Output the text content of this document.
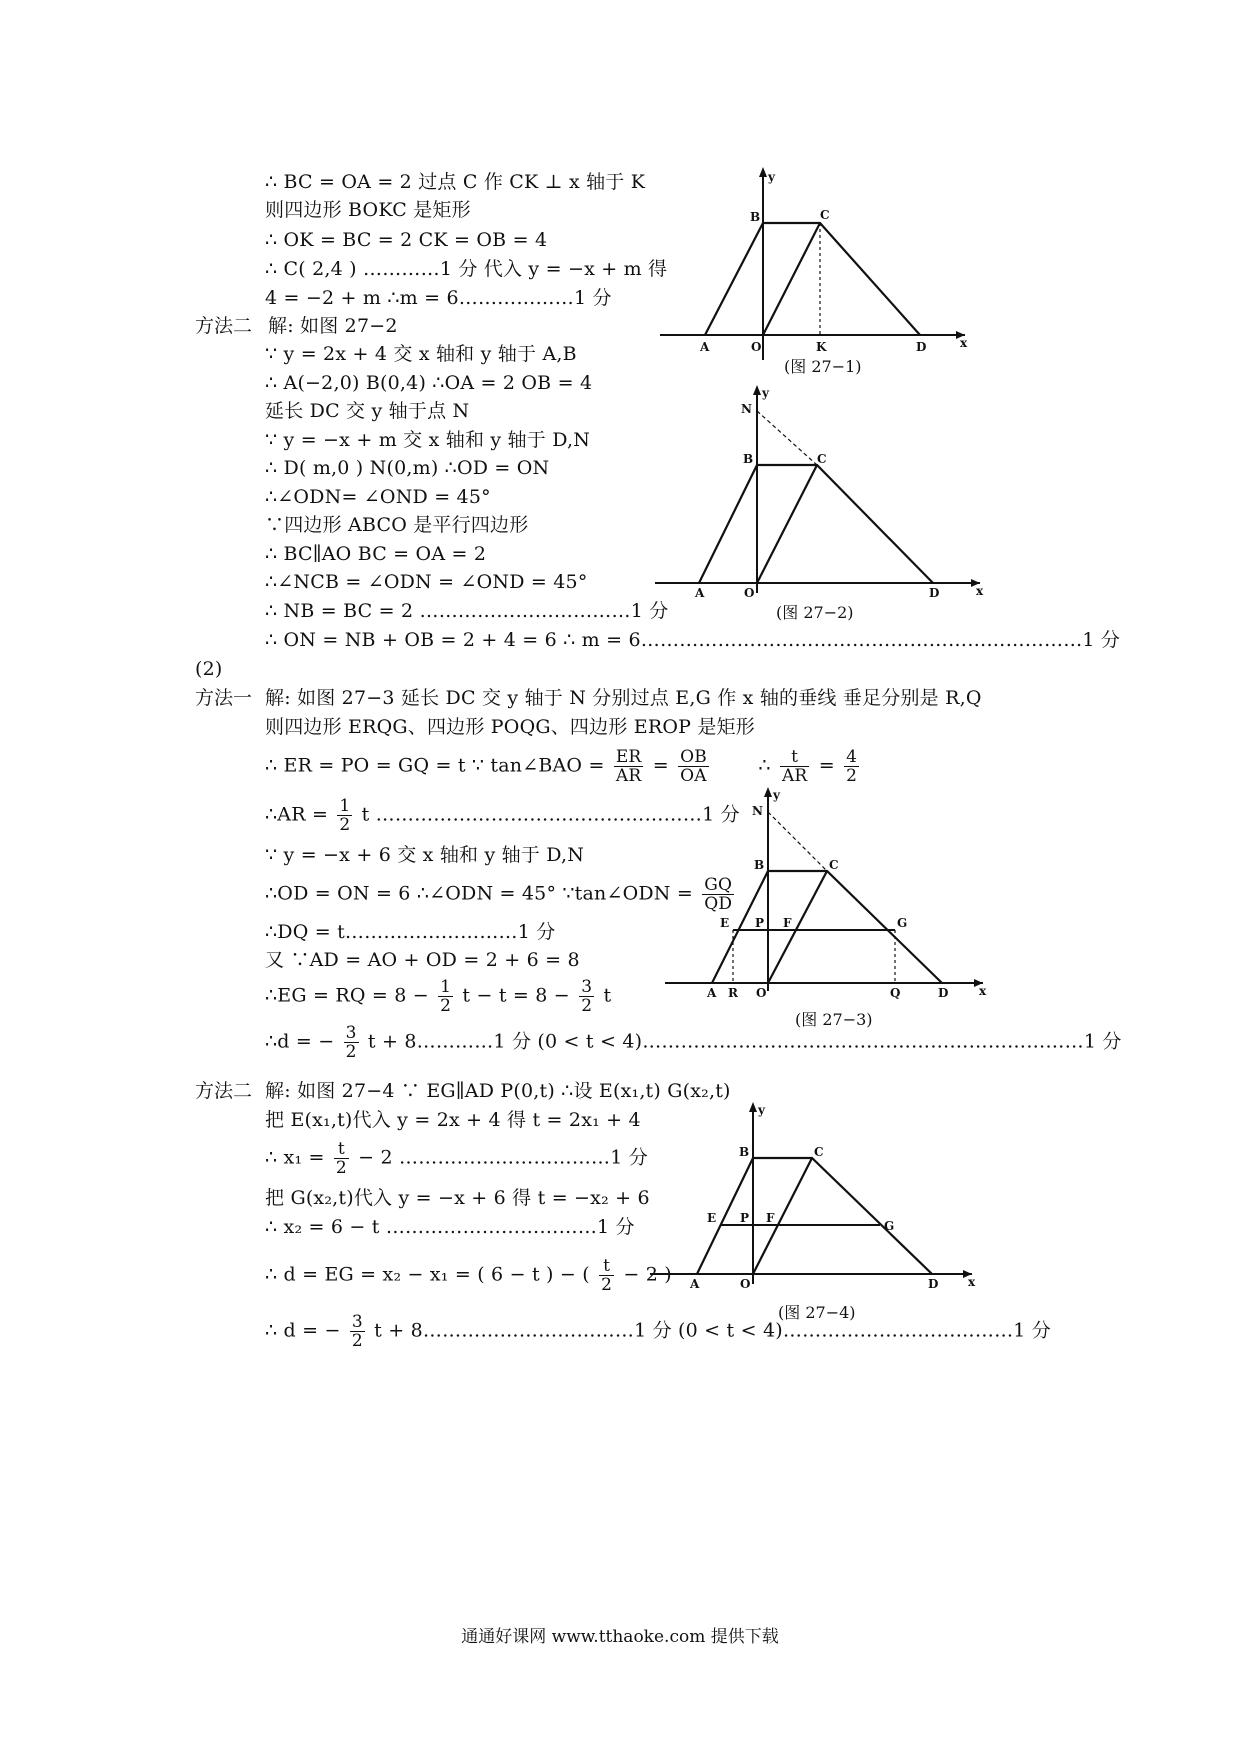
∴ BC = OA = 2 过点 C 作 CK ⊥ x 轴于 K
则四边形 BOKC 是矩形
∴ OK = BC = 2 CK = OB = 4
∴ C( 2,4 ) …………1 分 代入 y = −x + m 得
4 = −2 + m ∴m = 6………………1 分
方法二 解: 如图 27−2
∵ y = 2x + 4 交 x 轴和 y 轴于 A,B
∴ A(−2,0) B(0,4) ∴OA = 2 OB = 4
延长 DC 交 y 轴于点 N
∵ y = −x + m 交 x 轴和 y 轴于 D,N
∴ D( m,0 ) N(0,m) ∴OD = ON
∴∠ODN= ∠OND = 45°
∵四边形 ABCO 是平行四边形
∴ BC∥AO BC = OA = 2
∴∠NCB = ∠ODN = ∠OND = 45°
∴ NB = BC = 2 ……………………………1 分
∴ ON = NB + OB = 2 + 4 = 6 ∴ m = 6……………………………………………………………1 分
(2)
方法一 解: 如图 27−3 延长 DC 交 y 轴于 N 分别过点 E,G 作 x 轴的垂线 垂足分别是 R,Q
则四边形 ERQG、四边形 POQG、四边形 EROP 是矩形
∴ ER = PO = GQ = t ∵ tan∠BAO = $\frac{ER}{AR} = \frac{OB}{OA}$	∴ $\frac{t}{AR} = \frac{4}{2}$
∴AR = $\frac{1}{2}$ t ……………………………………………1 分
∵ y = −x + 6 交 x 轴和 y 轴于 D,N
∴OD = ON = 6 ∴∠ODN = 45° ∵tan∠ODN = $\frac{GQ}{QD}$
∴DQ = t………………………1 分
又 ∵AD = AO + OD = 2 + 6 = 8
∴EG = RQ = $8 - \frac{1}{2}$ $t - t = 8 - \frac{3}{2}$ t
∴d = − $\frac{3}{2}$ t + 8…………1 分 (0 < t < 4)……………………………………………………………1 分
方法二 解: 如图 27−4 ∵ EG∥AD P(0,t) ∴设 E(x₁,t) G(x₂,t)
把 E(x₁,t)代入 y = 2x + 4 得 t = 2x₁ + 4
∴ $x_1 = \frac{t}{2} - 2$ ……………………………1 分
把 G(x₂,t)代入 y = −x + 6 得 t = −x₂ + 6
∴ x₂ = 6 − t ……………………………1 分
∴ d = EG = x₂ − x₁ = ( 6 − t ) − ( $\frac{t}{2} - 2$ )
∴ d = − $\frac{3}{2}$ t + 8……………………………1 分 (0 < t < 4)………………………………1 分
y
x
A	O	K	D
B	C
(图 27−1)
N
y
x
B	C
A	O	D
(图 27−2)
N
y
x
B	C
E P F	G
A R O	Q	D
(图 27−3)
y
x
B	C
E P F
G
A	O	D
(图 27−4)
通通好课网 www.tthaoke.com 提供下载
